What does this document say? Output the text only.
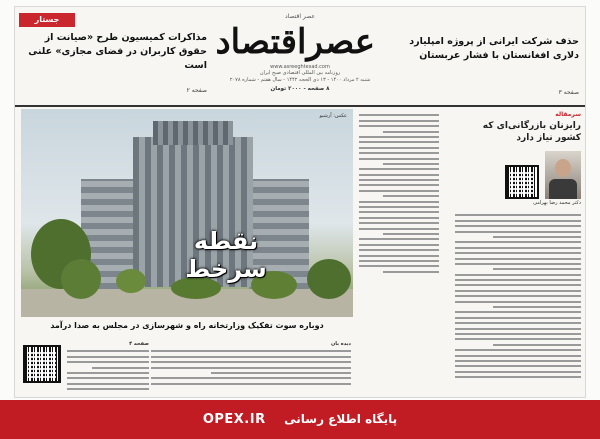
جستار
مذاکرات کمیسیون طرح «صیانت از حقوق کاربران در فضای مجازی» علنی است
صفحه ۲
عصر اقتصاد
عصراقتصاد
www.asreeghtesad.com
روزنامه بین المللی اقتصادی صبح ایران
شنبه ۲ مرداد ۱۴۰۰ - ۱۳ ذی الحجه ۱۴۴۲ - سال هفتم - شماره ۲۰۷۸
۸ صفحه - ۲۰۰۰ تومان
حذف شرکت ایرانی از پروژه امپلیارد دلاری افغانستان با فشار عربستان
صفحه ۳
عکس: آرشیو
نقطه سرخط
دوباره سوت تفکیک وزارتخانه راه و شهرسازی در مجلس به صدا درآمد
سرمقاله
رایزنان بازرگانی‌ای که کشور نیاز دارد
دکتر محمد رضا بهرامی
صفحه ۴	دیده بان
OPEX.IR پایگاه اطلاع رسانی
